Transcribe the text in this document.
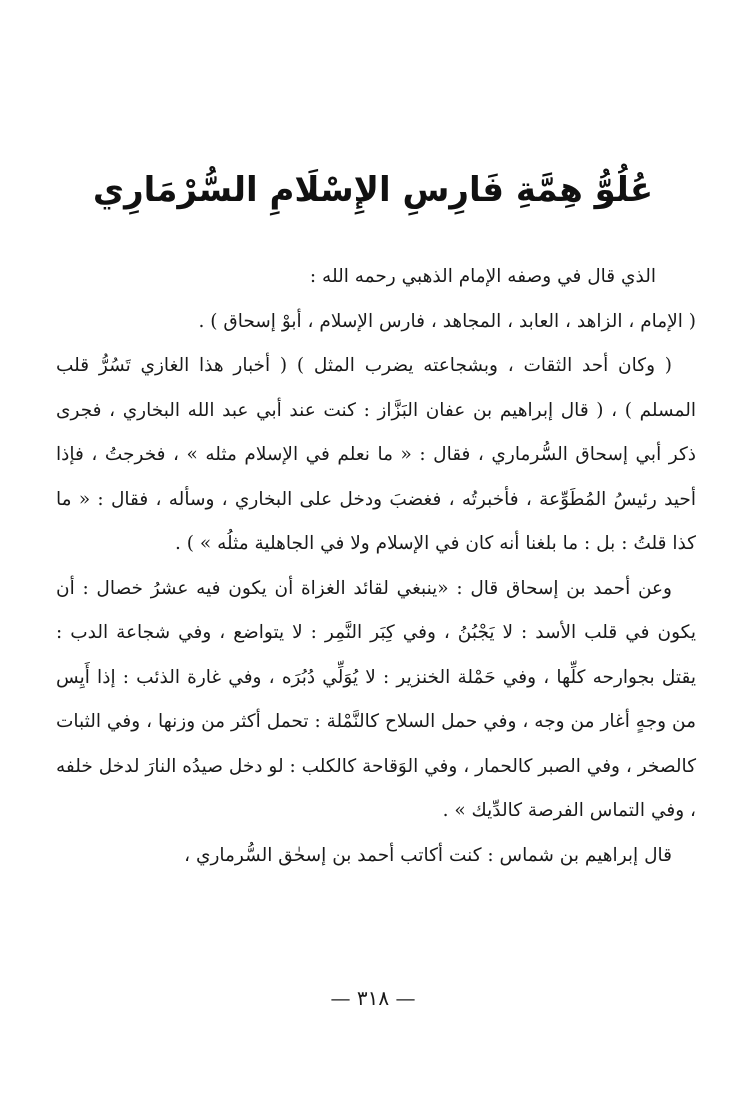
عُلُوُّ هِمَّةِ فَارِسِ الإِسْلَامِ السُّرْمَارِي

الذي قال في وصفه الإمام الذهبي رحمه الله :

( الإمام ، الزاهد ، العابد ، المجاهد ، فارس الإسلام ، أبوْ إسحاق ) .

( وكان أحد الثقات ، وبشجاعته يضرب المثل ) ( أخبار هذا الغازي تَسُرُّ قلب المسلم ) ، ( قال إبراهيم بن عفان البَزَّاز : كنت عند أبي عبد الله البخاري ، فجرى ذكر أبي إسحاق السُّرماري ، فقال : « ما نعلم في الإسلام مثله » ، فخرجتُ ، فإذا أحيد رئيسُ المُطَوِّعة ، فأخبرتُه ، فغضبَ ودخل على البخاري ، وسأله ، فقال : « ما كذا قلتُ : بل : ما بلغنا أنه كان في الإسلام ولا في الجاهلية مثلُه » ) .

وعن أحمد بن إسحاق قال : «ينبغي لقائد الغزاة أن يكون فيه عشرُ خصال : أن يكون في قلب الأسد : لا يَجْبُنُ ، وفي كِبَر النَّمِر : لا يتواضع ، وفي شجاعة الدب : يقتل بجوارحه كلِّها ، وفي حَمْلة الخنزير : لا يُوَلِّي دُبُرَه ، وفي غارة الذئب : إذا أَيِس من وجهٍ أغار من وجه ، وفي حمل السلاح كالنَّمْلة : تحمل أكثر من وزنها ، وفي الثبات كالصخر ، وفي الصبر كالحمار ، وفي الوَقاحة كالكلب : لو دخل صيدُه النارَ لدخل خلفه ، وفي التماس الفرصة كالدِّيك » .

قال إبراهيم بن شماس : كنت أكاتب أحمد بن إسحٰق السُّرماري ،

— ٣١٨ —
